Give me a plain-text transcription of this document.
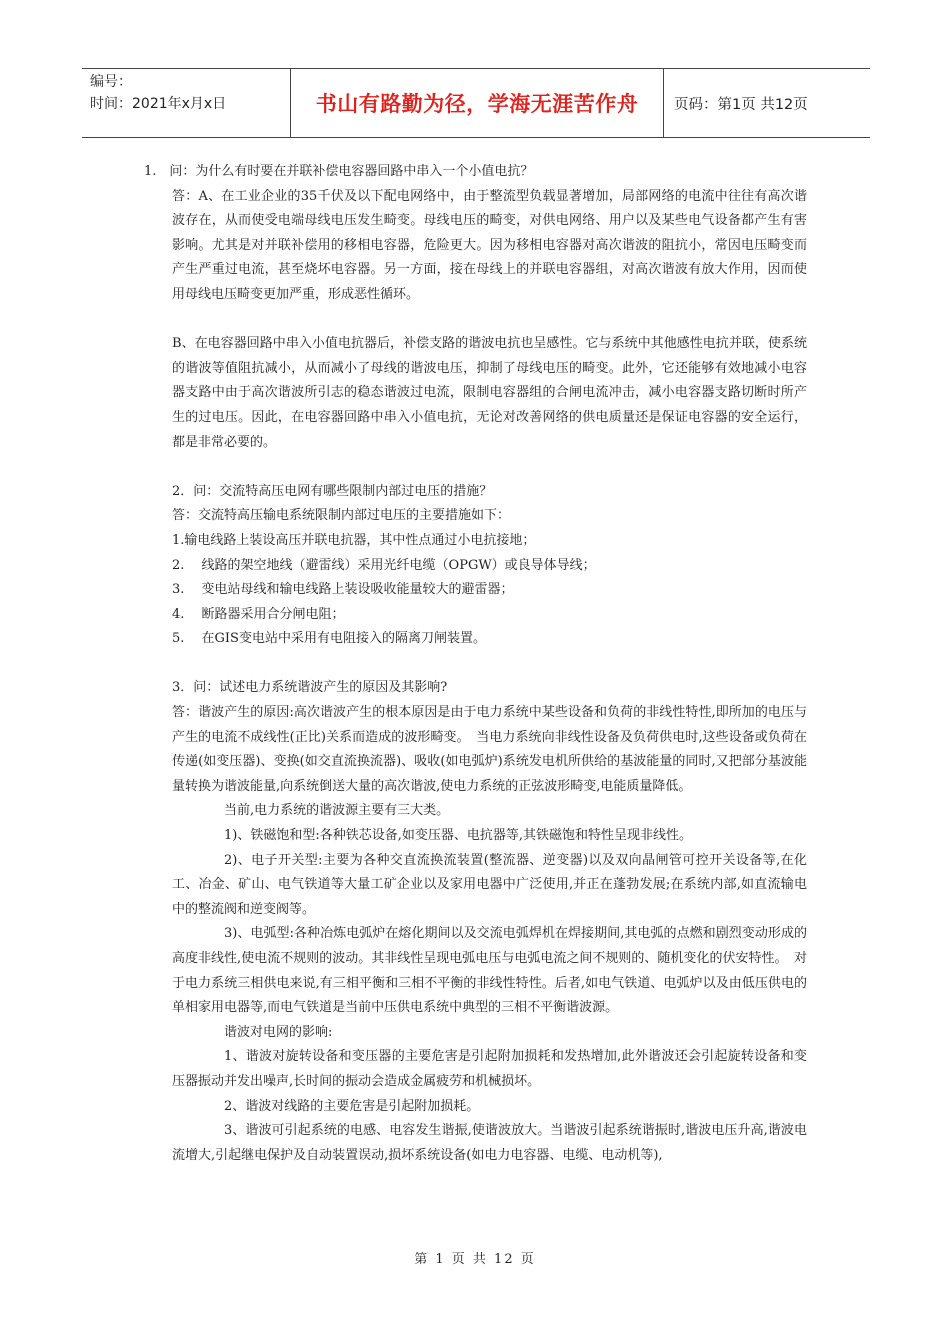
编号：
时间：2021年x月x日	书山有路勤为径，学海无涯苦作舟	页码：第1页 共12页

1.　问：为什么有时要在并联补偿电容器回路中串入一个小值电抗？

答：A、在工业企业的35千伏及以下配电网络中，由于整流型负载显著增加，局部网络的电流中往往有高次谐波存在，从而使受电端母线电压发生畸变。母线电压的畸变，对供电网络、用户以及某些电气设备都产生有害影响。尤其是对并联补偿用的移相电容器，危险更大。因为移相电容器对高次谐波的阻抗小，常因电压畸变而产生严重过电流，甚至烧坏电容器。另一方面，接在母线上的并联电容器组，对高次谐波有放大作用，因而使用母线电压畸变更加严重，形成恶性循环。

B、在电容器回路中串入小值电抗器后，补偿支路的谐波电抗也呈感性。它与系统中其他感性电抗并联，使系统的谐波等值阻抗减小，从而减小了母线的谐波电压，抑制了母线电压的畸变。此外，它还能够有效地减小电容器支路中由于高次谐波所引志的稳态谐波过电流，限制电容器组的合闸电流冲击，减小电容器支路切断时所产生的过电压。因此，在电容器回路中串入小值电抗，无论对改善网络的供电质量还是保证电容器的安全运行，都是非常必要的。

2．问：交流特高压电网有哪些限制内部过电压的措施？

答：交流特高压输电系统限制内部过电压的主要措施如下：

1.输电线路上装设高压并联电抗器，其中性点通过小电抗接地；

2.　 线路的架空地线（避雷线）采用光纤电缆（OPGW）或良导体导线；

3.　 变电站母线和输电线路上装设吸收能量较大的避雷器；

4.　 断路器采用合分闸电阻；

5.　 在GIS变电站中采用有电阻接入的隔离刀闸装置。

3．问：试述电力系统谐波产生的原因及其影响?

答：谐波产生的原因:高次谐波产生的根本原因是由于电力系统中某些设备和负荷的非线性特性,即所加的电压与产生的电流不成线性(正比)关系而造成的波形畸变。　当电力系统向非线性设备及负荷供电时,这些设备或负荷在传递(如变压器)、变换(如交直流换流器)、吸收(如电弧炉)系统发电机所供给的基波能量的同时,又把部分基波能量转换为谐波能量,向系统倒送大量的高次谐波,使电力系统的正弦波形畸变,电能质量降低。

当前,电力系统的谐波源主要有三大类。

1)、铁磁饱和型:各种铁芯设备,如变压器、电抗器等,其铁磁饱和特性呈现非线性。

2)、电子开关型:主要为各种交直流换流装置(整流器、逆变器)以及双向晶闸管可控开关设备等,在化工、冶金、矿山、电气铁道等大量工矿企业以及家用电器中广泛使用,并正在蓬勃发展;在系统内部,如直流输电中的整流阀和逆变阀等。

3)、电弧型:各种冶炼电弧炉在熔化期间以及交流电弧焊机在焊接期间,其电弧的点燃和剧烈变动形成的高度非线性,使电流不规则的波动。其非线性呈现电弧电压与电弧电流之间不规则的、随机变化的伏安特性。　对于电力系统三相供电来说,有三相平衡和三相不平衡的非线性特性。后者,如电气铁道、电弧炉以及由低压供电的单相家用电器等,而电气铁道是当前中压供电系统中典型的三相不平衡谐波源。

谐波对电网的影响:

1、谐波对旋转设备和变压器的主要危害是引起附加损耗和发热增加,此外谐波还会引起旋转设备和变压器振动并发出噪声,长时间的振动会造成金属疲劳和机械损坏。

2、谐波对线路的主要危害是引起附加损耗。

3、谐波可引起系统的电感、电容发生谐振,使谐波放大。当谐波引起系统谐振时,谐波电压升高,谐波电流增大,引起继电保护及自动装置误动,损坏系统设备(如电力电容器、电缆、电动机等),

第 1 页 共 12 页
